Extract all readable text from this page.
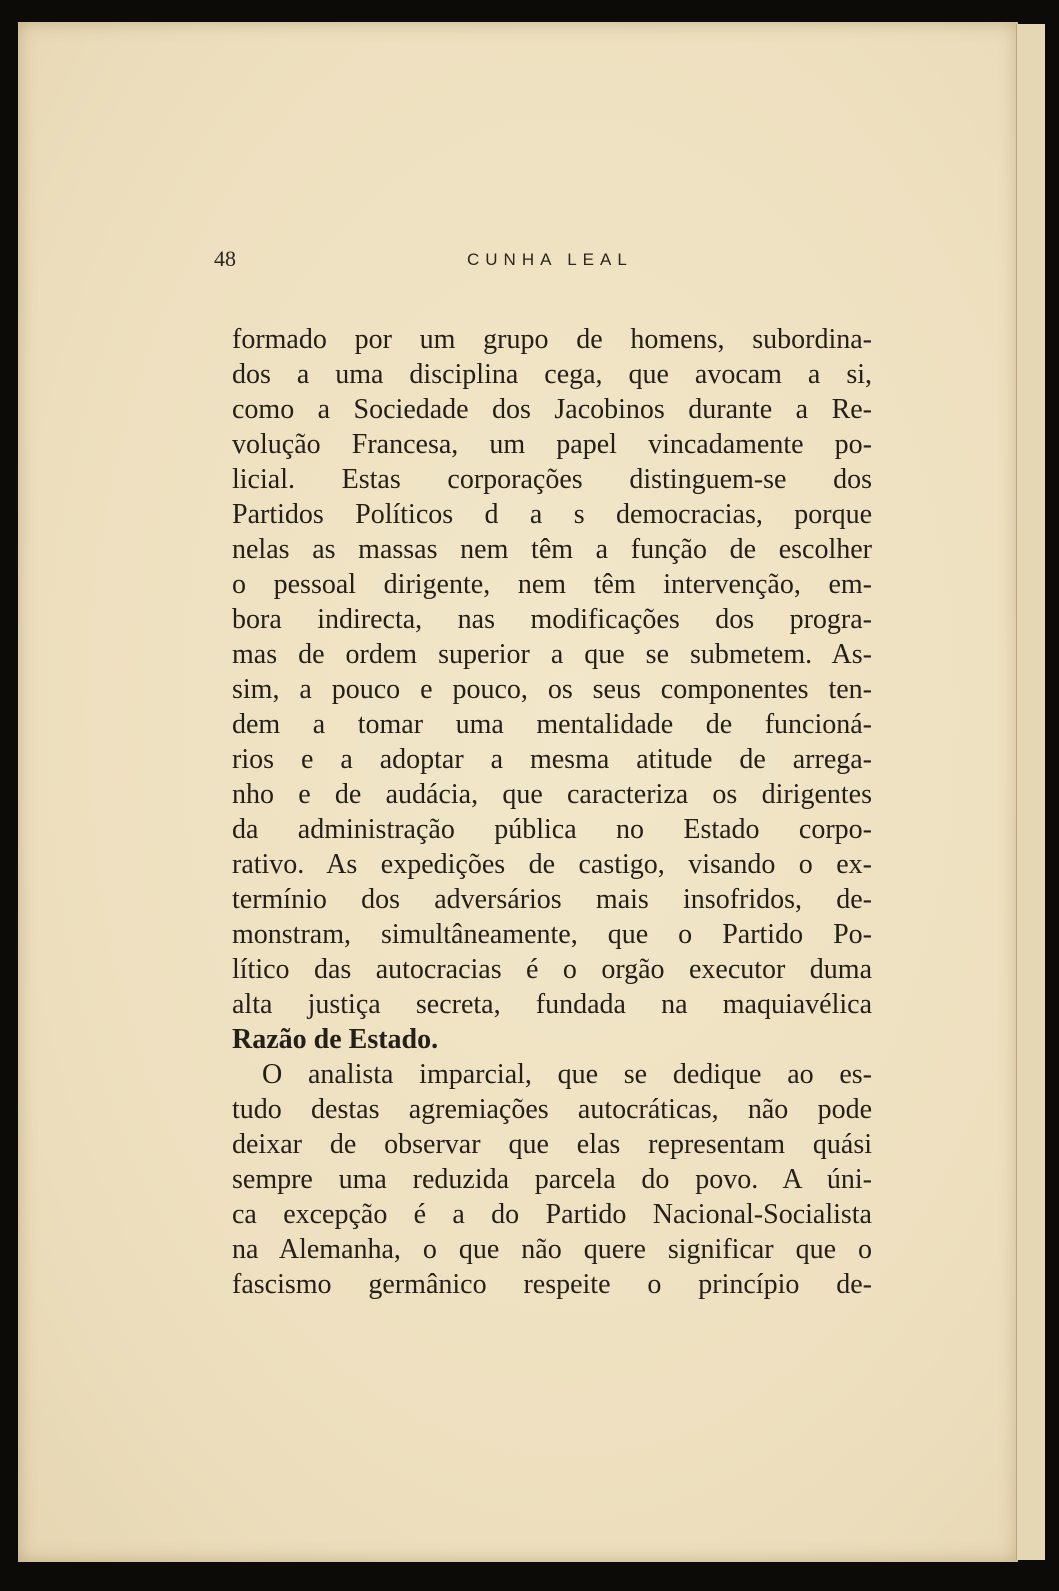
48	CUNHA LEAL
formado por um grupo de homens, subordina-
dos a uma disciplina cega, que avocam a si,
como a Sociedade dos Jacobinos durante a Re-
volução Francesa, um papel vincadamente po-
licial. Estas corporações distinguem-se dos
Partidos Políticos d a s democracias, porque
nelas as massas nem têm a função de escolher
o pessoal dirigente, nem têm intervenção, em-
bora indirecta, nas modificações dos progra-
mas de ordem superior a que se submetem. As-
sim, a pouco e pouco, os seus componentes ten-
dem a tomar uma mentalidade de funcioná-
rios e a adoptar a mesma atitude de arrega-
nho e de audácia, que caracteriza os dirigentes
da administração pública no Estado corpo-
rativo. As expedições de castigo, visando o ex-
termínio dos adversários mais insofridos, de-
monstram, simultâneamente, que o Partido Po-
lítico das autocracias é o orgão executor duma
alta justiça secreta, fundada na maquiavélica
Razão de Estado.
O analista imparcial, que se dedique ao es-
tudo destas agremiações autocráticas, não pode
deixar de observar que elas representam quási
sempre uma reduzida parcela do povo. A úni-
ca excepção é a do Partido Nacional-Socialista
na Alemanha, o que não quere significar que o
fascismo germânico respeite o princípio de-
